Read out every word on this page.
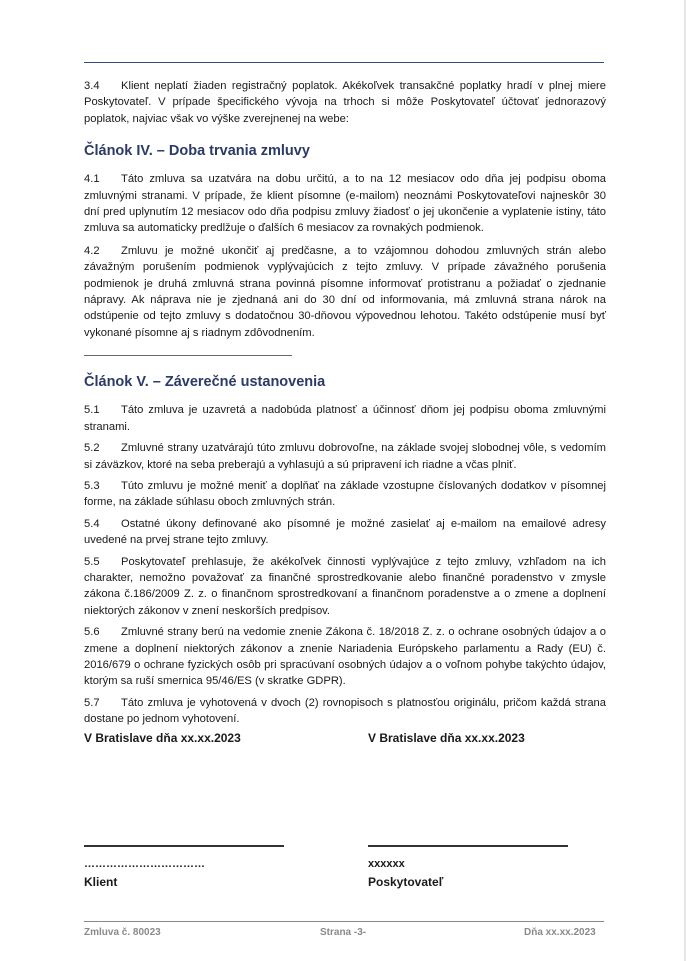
3.4 Klient neplatí žiaden registračný poplatok. Akékoľvek transakčné poplatky hradí v plnej miere Poskytovateľ. V prípade špecifického vývoja na trhoch si môže Poskytovateľ účtovať jednorazový poplatok, najviac však vo výške zverejnenej na webe:

Článok IV. – Doba trvania zmluvy

4.1 Táto zmluva sa uzatvára na dobu určitú, a to na 12 mesiacov odo dňa jej podpisu oboma zmluvnými stranami. V prípade, že klient písomne (e-mailom) neoznámi Poskytovateľovi najneskôr 30 dní pred uplynutím 12 mesiacov odo dňa podpisu zmluvy žiadosť o jej ukončenie a vyplatenie istiny, táto zmluva sa automaticky predlžuje o ďalších 6 mesiacov za rovnakých podmienok.

4.2 Zmluvu je možné ukončiť aj predčasne, a to vzájomnou dohodou zmluvných strán alebo závažným porušením podmienok vyplývajúcich z tejto zmluvy. V prípade závažného porušenia podmienok je druhá zmluvná strana povinná písomne informovať protistranu a požiadať o zjednanie nápravy. Ak náprava nie je zjednaná ani do 30 dní od informovania, má zmluvná strana nárok na odstúpenie od tejto zmluvy s dodatočnou 30-dňovou výpovednou lehotou. Takéto odstúpenie musí byť vykonané písomne aj s riadnym zdôvodnením.

Článok V. – Záverečné ustanovenia

5.1 Táto zmluva je uzavretá a nadobúda platnosť a účinnosť dňom jej podpisu oboma zmluvnými stranami.

5.2 Zmluvné strany uzatvárajú túto zmluvu dobrovoľne, na základe svojej slobodnej vôle, s vedomím si záväzkov, ktoré na seba preberajú a vyhlasujú a sú pripravení ich riadne a včas plniť.

5.3 Túto zmluvu je možné meniť a doplňať na základe vzostupne číslovaných dodatkov v písomnej forme, na základe súhlasu oboch zmluvných strán.

5.4 Ostatné úkony definované ako písomné je možné zasielať aj e-mailom na emailové adresy uvedené na prvej strane tejto zmluvy.

5.5 Poskytovateľ prehlasuje, že akékoľvek činnosti vyplývajúce z tejto zmluvy, vzhľadom na ich charakter, nemožno považovať za finančné sprostredkovanie alebo finančné poradenstvo v zmysle zákona č.186/2009 Z. z. o finančnom sprostredkovaní a finančnom poradenstve a o zmene a doplnení niektorých zákonov v znení neskorších predpisov.

5.6 Zmluvné strany berú na vedomie znenie Zákona č. 18/2018 Z. z. o ochrane osobných údajov a o zmene a doplnení niektorých zákonov a znenie Nariadenia Európskeho parlamentu a Rady (EU) č. 2016/679 o ochrane fyzických osôb pri spracúvaní osobných údajov a o voľnom pohybe takýchto údajov, ktorým sa ruší smernica 95/46/ES (v skratke GDPR).

5.7 Táto zmluva je vyhotovená v dvoch (2) rovnopisoch s platnosťou originálu, pričom každá strana dostane po jednom vyhotovení.

V Bratislave dňa xx.xx.2023	V Bratislave dňa xx.xx.2023
……………………………	xxxxxx
Klient	Poskytovateľ
Zmluva č. 80023	Strana -3-	Dňa xx.xx.2023
